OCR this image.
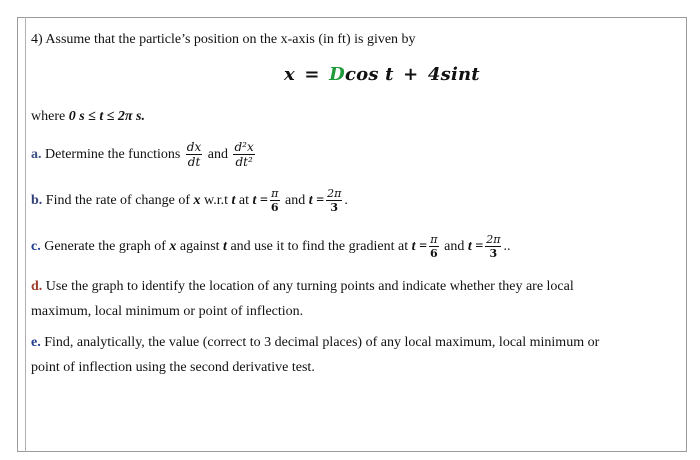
4) Assume that the particle’s position on the x-axis (in ft) is given by
x = Dcos t + 4sint
where 0 s ≤ t ≤ 2π s.
a. Determine the functions $\frac{dx}{dt}$ and $\frac{\text{d²x}}{\text{dt²}}$
b. Find the rate of change of x w.r.t t at $t = \frac{\pi}{6}$ and $t = \frac{2\pi}{3}$ .
c. Generate the graph of x against t and use it to find the gradient at $t = \frac{\pi}{6}$ and $t = \frac{2\pi}{3}$ ..
d. Use the graph to identify the location of any turning points and indicate whether they are local
maximum, local minimum or point of inflection.
e. Find, analytically, the value (correct to 3 decimal places) of any local maximum, local minimum or
point of inflection using the second derivative test.
